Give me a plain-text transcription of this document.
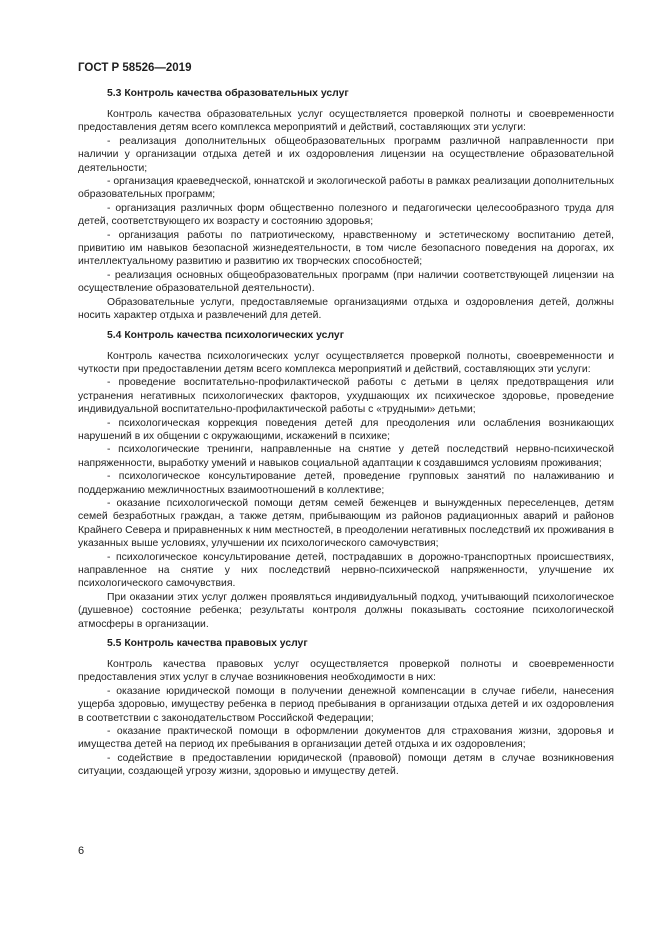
ГОСТ Р 58526—2019
5.3 Контроль качества образовательных услуг

Контроль качества образовательных услуг осуществляется проверкой полноты и своевременности предоставления детям всего комплекса мероприятий и действий, составляющих эти услуги:

- реализация дополнительных общеобразовательных программ различной направленности при наличии у организации отдыха детей и их оздоровления лицензии на осуществление образовательной деятельности;

- организация краеведческой, юннатской и экологической работы в рамках реализации дополнительных образовательных программ;

- организация различных форм общественно полезного и педагогически целесообразного труда для детей, соответствующего их возрасту и состоянию здоровья;

- организация работы по патриотическому, нравственному и эстетическому воспитанию детей, привитию им навыков безопасной жизнедеятельности, в том числе безопасного поведения на дорогах, их интеллектуальному развитию и развитию их творческих способностей;

- реализация основных общеобразовательных программ (при наличии соответствующей лицензии на осуществление образовательной деятельности).

Образовательные услуги, предоставляемые организациями отдыха и оздоровления детей, должны носить характер отдыха и развлечений для детей.

5.4 Контроль качества психологических услуг

Контроль качества психологических услуг осуществляется проверкой полноты, своевременности и чуткости при предоставлении детям всего комплекса мероприятий и действий, составляющих эти услуги:

- проведение воспитательно-профилактической работы с детьми в целях предотвращения или устранения негативных психологических факторов, ухудшающих их психическое здоровье, проведение индивидуальной воспитательно-профилактической работы с «трудными» детьми;

- психологическая коррекция поведения детей для преодоления или ослабления возникающих нарушений в их общении с окружающими, искажений в психике;

- психологические тренинги, направленные на снятие у детей последствий нервно-психической напряженности, выработку умений и навыков социальной адаптации к создавшимся условиям проживания;

- психологическое консультирование детей, проведение групповых занятий по налаживанию и поддержанию межличностных взаимоотношений в коллективе;

- оказание психологической помощи детям семей беженцев и вынужденных переселенцев, детям семей безработных граждан, а также детям, прибывающим из районов радиационных аварий и районов Крайнего Севера и приравненных к ним местностей, в преодолении негативных последствий их проживания в указанных выше условиях, улучшении их психологического самочувствия;

- психологическое консультирование детей, пострадавших в дорожно-транспортных происшествиях, направленное на снятие у них последствий нервно-психической напряженности, улучшение их психологического самочувствия.

При оказании этих услуг должен проявляться индивидуальный подход, учитывающий психологическое (душевное) состояние ребенка; результаты контроля должны показывать состояние психологической атмосферы в организации.

5.5 Контроль качества правовых услуг

Контроль качества правовых услуг осуществляется проверкой полноты и своевременности предоставления этих услуг в случае возникновения необходимости в них:

- оказание юридической помощи в получении денежной компенсации в случае гибели, нанесения ущерба здоровью, имуществу ребенка в период пребывания в организации отдыха детей и их оздоровления в соответствии с законодательством Российской Федерации;

- оказание практической помощи в оформлении документов для страхования жизни, здоровья и имущества детей на период их пребывания в организации детей отдыха и их оздоровления;

- содействие в предоставлении юридической (правовой) помощи детям в случае возникновения ситуации, создающей угрозу жизни, здоровью и имуществу детей.

6
